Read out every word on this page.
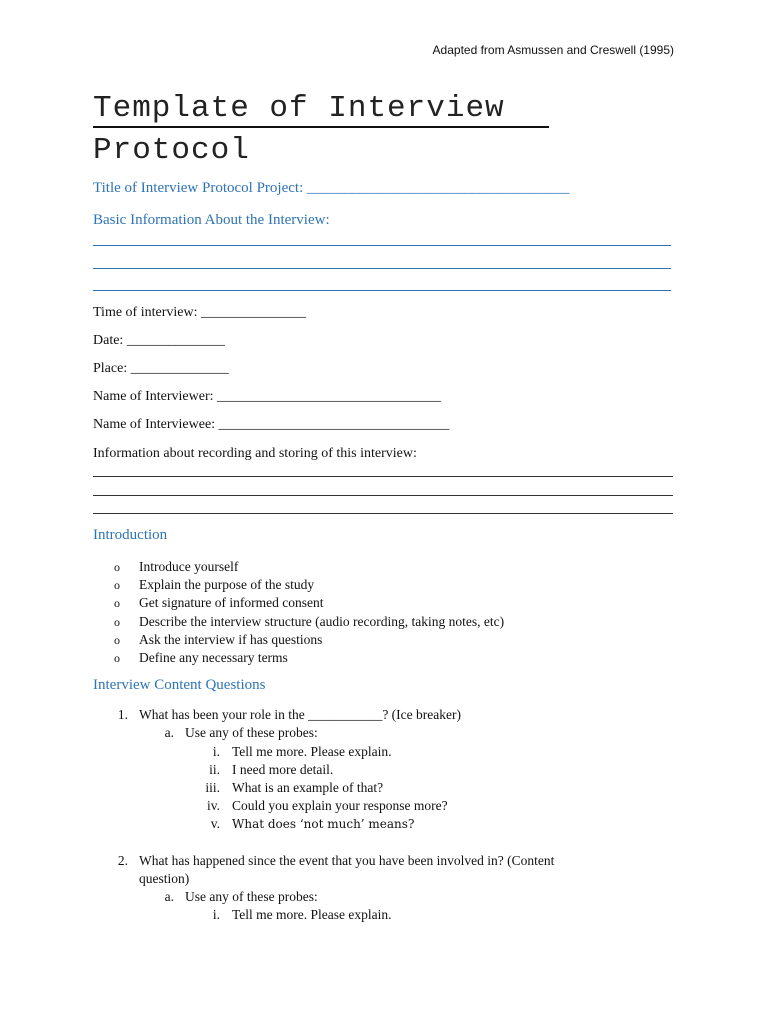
Adapted from Asmussen and Creswell (1995)
Template of Interview Protocol
Title of Interview Protocol Project: ___________________________________
Basic Information About the Interview:
Time of interview: _______________
Date: ______________
Place: ______________
Name of Interviewer: ________________________________
Name of Interviewee: _________________________________
Information about recording and storing of this interview:
Introduction
o Introduce yourself
o Explain the purpose of the study
o Get signature of informed consent
o Describe the interview structure (audio recording, taking notes, etc)
o Ask the interview if has questions
o Define any necessary terms
Interview Content Questions
1. What has been your role in the ___________? (Ice breaker)
a. Use any of these probes:
i. Tell me more. Please explain.
ii. I need more detail.
iii. What is an example of that?
iv. Could you explain your response more?
v. What does ‘not much’ means?
2. What has happened since the event that you have been involved in? (Content
question)
a. Use any of these probes:
i. Tell me more. Please explain.
